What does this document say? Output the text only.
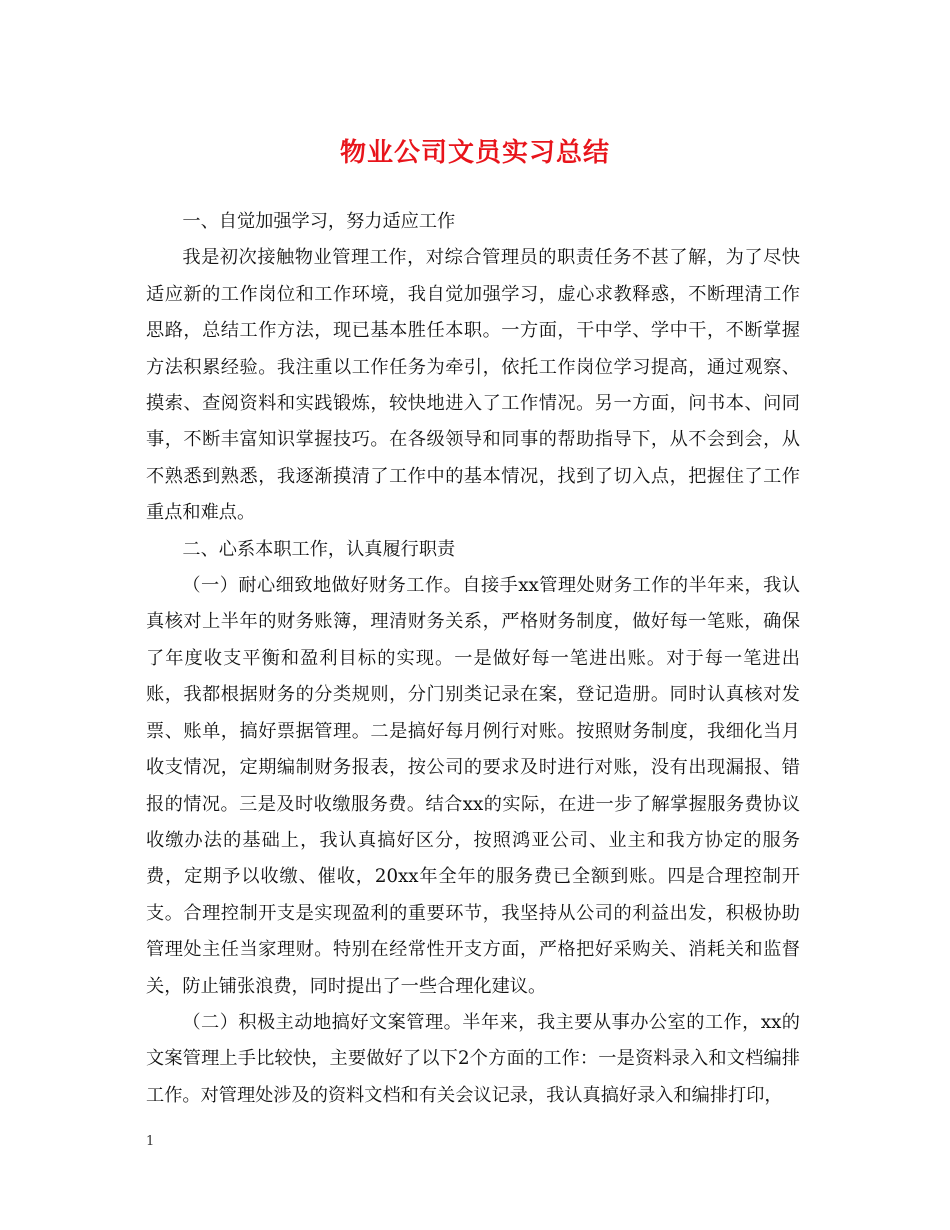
物业公司文员实习总结

一、自觉加强学习，努力适应工作

我是初次接触物业管理工作，对综合管理员的职责任务不甚了解，为了尽快适应新的工作岗位和工作环境，我自觉加强学习，虚心求教释惑，不断理清工作思路，总结工作方法，现已基本胜任本职。一方面，干中学、学中干，不断掌握方法积累经验。我注重以工作任务为牵引，依托工作岗位学习提高，通过观察、摸索、查阅资料和实践锻炼，较快地进入了工作情况。另一方面，问书本、问同事，不断丰富知识掌握技巧。在各级领导和同事的帮助指导下，从不会到会，从不熟悉到熟悉，我逐渐摸清了工作中的基本情况，找到了切入点，把握住了工作重点和难点。

二、心系本职工作，认真履行职责

（一）耐心细致地做好财务工作。自接手xx管理处财务工作的半年来，我认真核对上半年的财务账簿，理清财务关系，严格财务制度，做好每一笔账，确保了年度收支平衡和盈利目标的实现。一是做好每一笔进出账。对于每一笔进出账，我都根据财务的分类规则，分门别类记录在案，登记造册。同时认真核对发票、账单，搞好票据管理。二是搞好每月例行对账。按照财务制度，我细化当月收支情况，定期编制财务报表，按公司的要求及时进行对账，没有出现漏报、错报的情况。三是及时收缴服务费。结合xx的实际，在进一步了解掌握服务费协议收缴办法的基础上，我认真搞好区分，按照鸿亚公司、业主和我方协定的服务费，定期予以收缴、催收，20xx年全年的服务费已全额到账。四是合理控制开支。合理控制开支是实现盈利的重要环节，我坚持从公司的利益出发，积极协助管理处主任当家理财。特别在经常性开支方面，严格把好采购关、消耗关和监督关，防止铺张浪费，同时提出了一些合理化建议。

（二）积极主动地搞好文案管理。半年来，我主要从事办公室的工作，xx的文案管理上手比较快，主要做好了以下2个方面的工作：一是资料录入和文档编排工作。对管理处涉及的资料文档和有关会议记录，我认真搞好录入和编排打印，

1
